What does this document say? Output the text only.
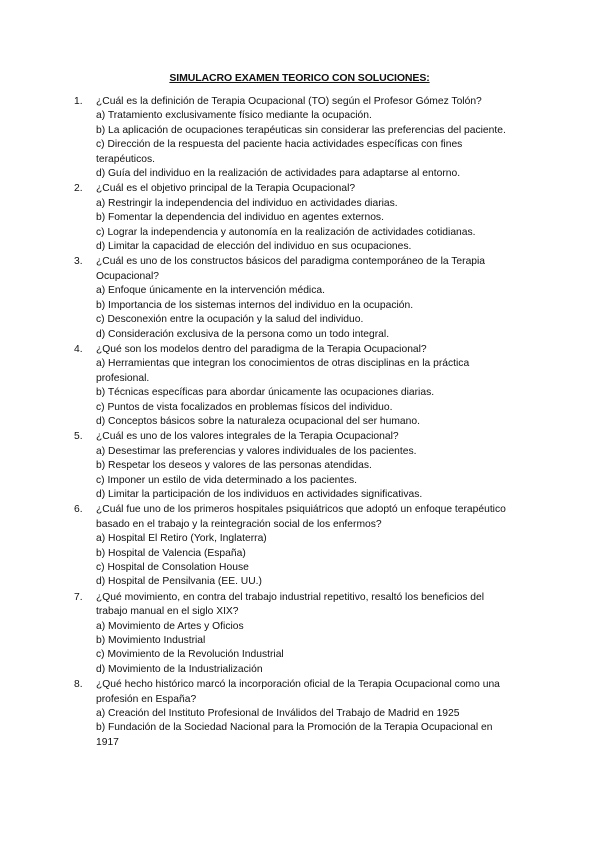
SIMULACRO EXAMEN TEORICO CON SOLUCIONES:
1.	¿Cuál es la definición de Terapia Ocupacional (TO) según el Profesor Gómez Tolón?
a) Tratamiento exclusivamente físico mediante la ocupación.
b) La aplicación de ocupaciones terapéuticas sin considerar las preferencias del paciente.
c) Dirección de la respuesta del paciente hacia actividades específicas con fines terapéuticos.
d) Guía del individuo en la realización de actividades para adaptarse al entorno.
2.	¿Cuál es el objetivo principal de la Terapia Ocupacional?
a) Restringir la independencia del individuo en actividades diarias.
b) Fomentar la dependencia del individuo en agentes externos.
c) Lograr la independencia y autonomía en la realización de actividades cotidianas.
d) Limitar la capacidad de elección del individuo en sus ocupaciones.
3.	¿Cuál es uno de los constructos básicos del paradigma contemporáneo de la Terapia Ocupacional?
a) Enfoque únicamente en la intervención médica.
b) Importancia de los sistemas internos del individuo en la ocupación.
c) Desconexión entre la ocupación y la salud del individuo.
d) Consideración exclusiva de la persona como un todo integral.
4.	¿Qué son los modelos dentro del paradigma de la Terapia Ocupacional?
a) Herramientas que integran los conocimientos de otras disciplinas en la práctica profesional.
b) Técnicas específicas para abordar únicamente las ocupaciones diarias.
c) Puntos de vista focalizados en problemas físicos del individuo.
d) Conceptos básicos sobre la naturaleza ocupacional del ser humano.
5.	¿Cuál es uno de los valores integrales de la Terapia Ocupacional?
a) Desestimar las preferencias y valores individuales de los pacientes.
b) Respetar los deseos y valores de las personas atendidas.
c) Imponer un estilo de vida determinado a los pacientes.
d) Limitar la participación de los individuos en actividades significativas.
6.	¿Cuál fue uno de los primeros hospitales psiquiátricos que adoptó un enfoque terapéutico basado en el trabajo y la reintegración social de los enfermos?
a) Hospital El Retiro (York, Inglaterra)
b) Hospital de Valencia (España)
c) Hospital de Consolation House
d) Hospital de Pensilvania (EE. UU.)
7.	¿Qué movimiento, en contra del trabajo industrial repetitivo, resaltó los beneficios del trabajo manual en el siglo XIX?
a) Movimiento de Artes y Oficios
b) Movimiento Industrial
c) Movimiento de la Revolución Industrial
d) Movimiento de la Industrialización
8.	¿Qué hecho histórico marcó la incorporación oficial de la Terapia Ocupacional como una profesión en España?
a) Creación del Instituto Profesional de Inválidos del Trabajo de Madrid en 1925
b) Fundación de la Sociedad Nacional para la Promoción de la Terapia Ocupacional en 1917
